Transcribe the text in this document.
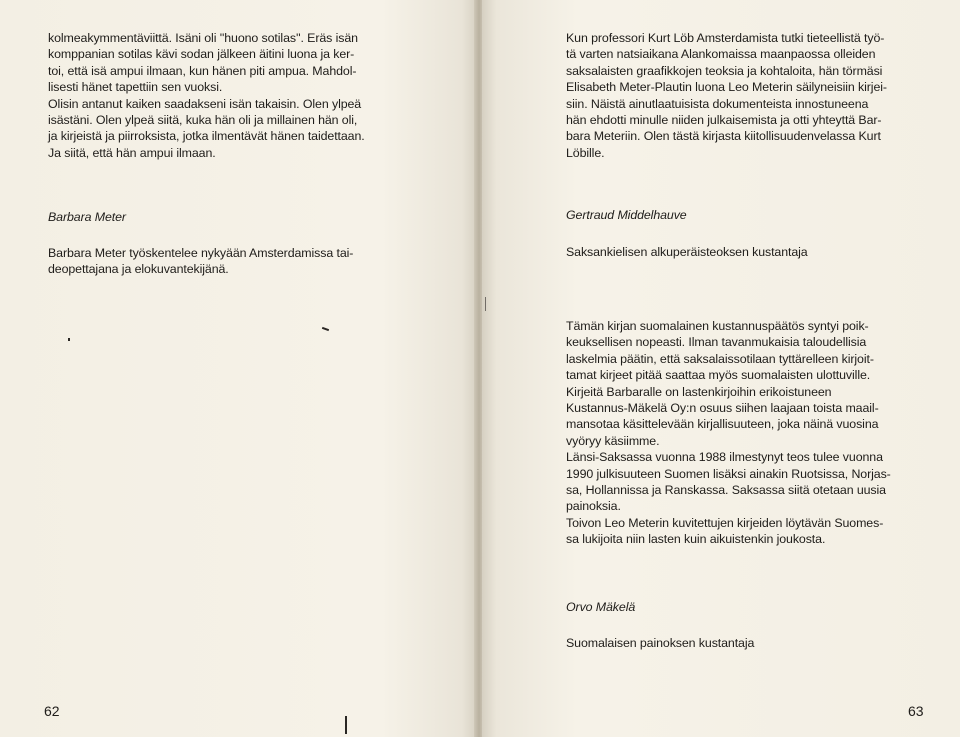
kolmeakymmentäviittä. Isäni oli ''huono sotilas''. Eräs isän
komppanian sotilas kävi sodan jälkeen äitini luona ja ker-
toi, että isä ampui ilmaan, kun hänen piti ampua. Mahdol-
lisesti hänet tapettiin sen vuoksi.
Olisin antanut kaiken saadakseni isän takaisin. Olen ylpeä
isästäni. Olen ylpeä siitä, kuka hän oli ja millainen hän oli,
ja kirjeistä ja piirroksista, jotka ilmentävät hänen taidettaan.
Ja siitä, että hän ampui ilmaan.
Barbara Meter
Barbara Meter työskentelee nykyään Amsterdamissa tai-
deopettajana ja elokuvantekijänä.
62
Kun professori Kurt Löb Amsterdamista tutki tieteellistä työ-
tä varten natsiaikana Alankomaissa maanpaossa olleiden
saksalaisten graafikkojen teoksia ja kohtaloita, hän törmäsi
Elisabeth Meter-Plautin luona Leo Meterin säilyneisiin kirjei-
siin. Näistä ainutlaatuisista dokumenteista innostuneena
hän ehdotti minulle niiden julkaisemista ja otti yhteyttä Bar-
bara Meteriin. Olen tästä kirjasta kiitollisuudenvelassa Kurt
Löbille.
Gertraud Middelhauve
Saksankielisen alkuperäisteoksen kustantaja
Tämän kirjan suomalainen kustannuspäätös syntyi poik-
keuksellisen nopeasti. Ilman tavanmukaisia taloudellisia
laskelmia päätin, että saksalaissotilaan tyttärelleen kirjoit-
tamat kirjeet pitää saattaa myös suomalaisten ulottuville.
Kirjeitä Barbaralle on lastenkirjoihin erikoistuneen
Kustannus-Mäkelä Oy:n osuus siihen laajaan toista maail-
mansotaa käsittelevään kirjallisuuteen, joka näinä vuosina
vyöryy käsiimme.
Länsi-Saksassa vuonna 1988 ilmestynyt teos tulee vuonna
1990 julkisuuteen Suomen lisäksi ainakin Ruotsissa, Norjas-
sa, Hollannissa ja Ranskassa. Saksassa siitä otetaan uusia
painoksia.
Toivon Leo Meterin kuvitettujen kirjeiden löytävän Suomes-
sa lukijoita niin lasten kuin aikuistenkin joukosta.
Orvo Mäkelä
Suomalaisen painoksen kustantaja
63
